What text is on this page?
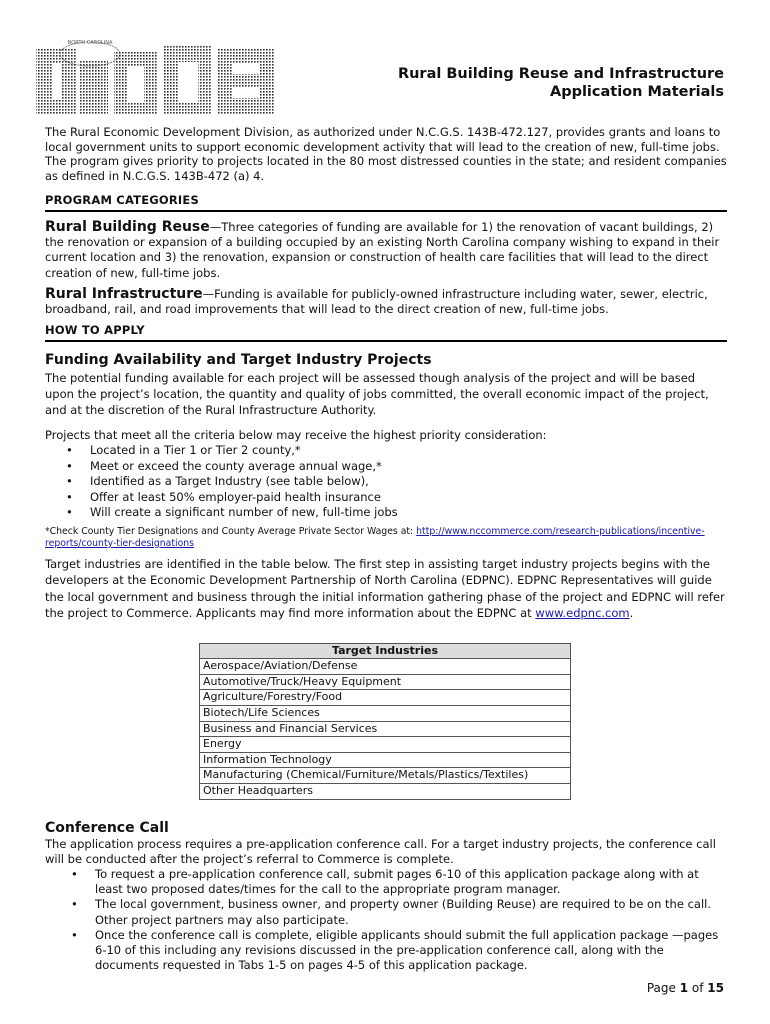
NORTH CAROLINA
Rural Building Reuse and Infrastructure
Application Materials

The Rural Economic Development Division, as authorized under N.C.G.S. 143B-472.127, provides grants and loans to local government units to support economic development activity that will lead to the creation of new, full-time jobs. The program gives priority to projects located in the 80 most distressed counties in the state; and resident companies as defined in N.C.G.S. 143B-472 (a) 4.

PROGRAM CATEGORIES

Rural Building Reuse—Three categories of funding are available for 1) the renovation of vacant buildings, 2) the renovation or expansion of a building occupied by an existing North Carolina company wishing to expand in their current location and 3) the renovation, expansion or construction of health care facilities that will lead to the direct creation of new, full-time jobs.

Rural Infrastructure—Funding is available for publicly-owned infrastructure including water, sewer, electric, broadband, rail, and road improvements that will lead to the direct creation of new, full-time jobs.

HOW TO APPLY
Funding Availability and Target Industry Projects

The potential funding available for each project will be assessed though analysis of the project and will be based upon the project’s location, the quantity and quality of jobs committed, the overall economic impact of the project, and at the discretion of the Rural Infrastructure Authority.

Projects that meet all the criteria below may receive the highest priority consideration:

• Located in a Tier 1 or Tier 2 county,*
• Meet or exceed the county average annual wage,*
• Identified as a Target Industry (see table below),
• Offer at least 50% employer-paid health insurance
• Will create a significant number of new, full-time jobs

*Check County Tier Designations and County Average Private Sector Wages at: http://www.nccommerce.com/research-publications/incentive-reports/county-tier-designations

Target industries are identified in the table below. The first step in assisting target industry projects begins with the developers at the Economic Development Partnership of North Carolina (EDPNC). EDPNC Representatives will guide the local government and business through the initial information gathering phase of the project and EDPNC will refer the project to Commerce. Applicants may find more information about the EDPNC at www.edpnc.com.

Target Industries
Aerospace/Aviation/Defense
Automotive/Truck/Heavy Equipment
Agriculture/Forestry/Food
Biotech/Life Sciences
Business and Financial Services
Energy
Information Technology
Manufacturing (Chemical/Furniture/Metals/Plastics/Textiles)
Other Headquarters
Conference Call

The application process requires a pre-application conference call. For a target industry projects, the conference call will be conducted after the project’s referral to Commerce is complete.

• To request a pre-application conference call, submit pages 6-10 of this application package along with at least two proposed dates/times for the call to the appropriate program manager.
• The local government, business owner, and property owner (Building Reuse) are required to be on the call. Other project partners may also participate.
• Once the conference call is complete, eligible applicants should submit the full application package —pages 6-10 of this including any revisions discussed in the pre-application conference call, along with the documents requested in Tabs 1-5 on pages 4-5 of this application package.
Page 1 of 15
